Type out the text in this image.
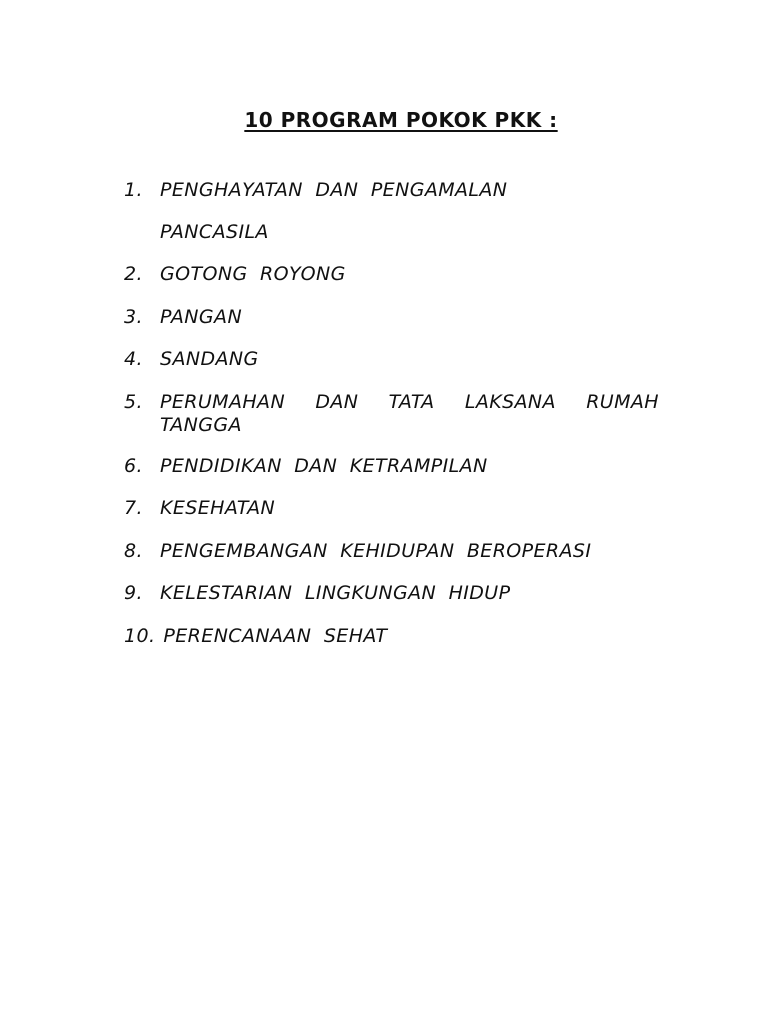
10 PROGRAM POKOK PKK :
1. PENGHAYATAN DAN PENGAMALAN
PANCASILA
2. GOTONG ROYONG
3. PANGAN
4. SANDANG
5. PERUMAHAN DAN TATA LAKSANA RUMAH
TANGGA
6. PENDIDIKAN DAN KETRAMPILAN
7. KESEHATAN
8. PENGEMBANGAN KEHIDUPAN BEROPERASI
9. KELESTARIAN LINGKUNGAN HIDUP
10. PERENCANAAN SEHAT
